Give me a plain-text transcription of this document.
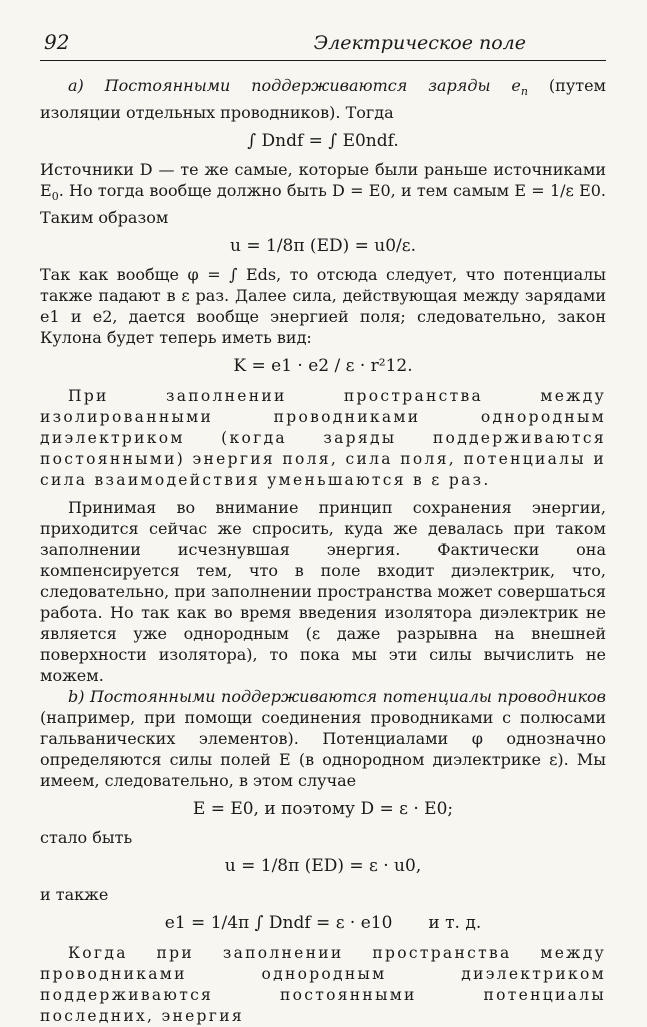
92	Электрическое поле

a) Постоянными поддерживаются заряды $e_n$ (путем изоляции отдельных проводников). Тогда

∫ Dndf = ∫ E0ndf.

Источники D — те же самые, которые были раньше источниками $E_0$. Но тогда вообще должно быть D = E0, и тем самым E = 1/ε E0. Таким образом

u = 1/8π (ED) = u0/ε.

Так как вообще φ = ∫ Eds, то отсюда следует, что потенциалы также падают в ε раз. Далее сила, действующая между зарядами e1 и e2, дается вообще энергией поля; следовательно, закон Кулона будет теперь иметь вид:

K = e1 · e2 / ε · r²12.

При заполнении пространства между изолированными проводниками однородным диэлектриком (когда заряды поддерживаются постоянными) энергия поля, сила поля, потенциалы и сила взаимодействия уменьшаются в ε раз.

Принимая во внимание принцип сохранения энергии, приходится сейчас же спросить, куда же девалась при таком заполнении исчезнувшая энергия. Фактически она компенсируется тем, что в поле входит диэлектрик, что, следовательно, при заполнении пространства может совершаться работа. Но так как во время введения изолятора диэлектрик не является уже однородным (ε даже разрывна на внешней поверхности изолятора), то пока мы эти силы вычислить не можем.

b) Постоянными поддерживаются потенциалы проводников (например, при помощи соединения проводниками с полюсами гальванических элементов). Потенциалами φ однозначно определяются силы полей E (в однородном диэлектрике ε). Мы имеем, следовательно, в этом случае

E = E0, и поэтому D = ε · E0;

стало быть

u = 1/8π (ED) = ε · u0,

и также

e1 = 1/4π ∫ Dndf = ε · e10 и т. д.

Когда при заполнении пространства между проводниками однородным диэлектриком поддерживаются постоянными потенциалы последних, энергия
